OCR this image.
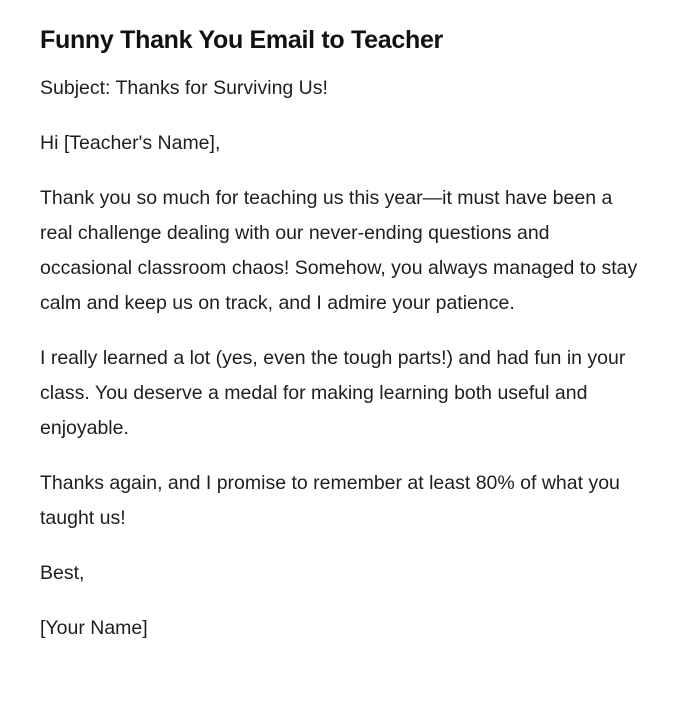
Funny Thank You Email to Teacher

Subject: Thanks for Surviving Us!

Hi [Teacher's Name],

Thank you so much for teaching us this year—it must have been a real challenge dealing with our never-ending questions and occasional classroom chaos! Somehow, you always managed to stay calm and keep us on track, and I admire your patience.

I really learned a lot (yes, even the tough parts!) and had fun in your class. You deserve a medal for making learning both useful and enjoyable.

Thanks again, and I promise to remember at least 80% of what you taught us!

Best,

[Your Name]
